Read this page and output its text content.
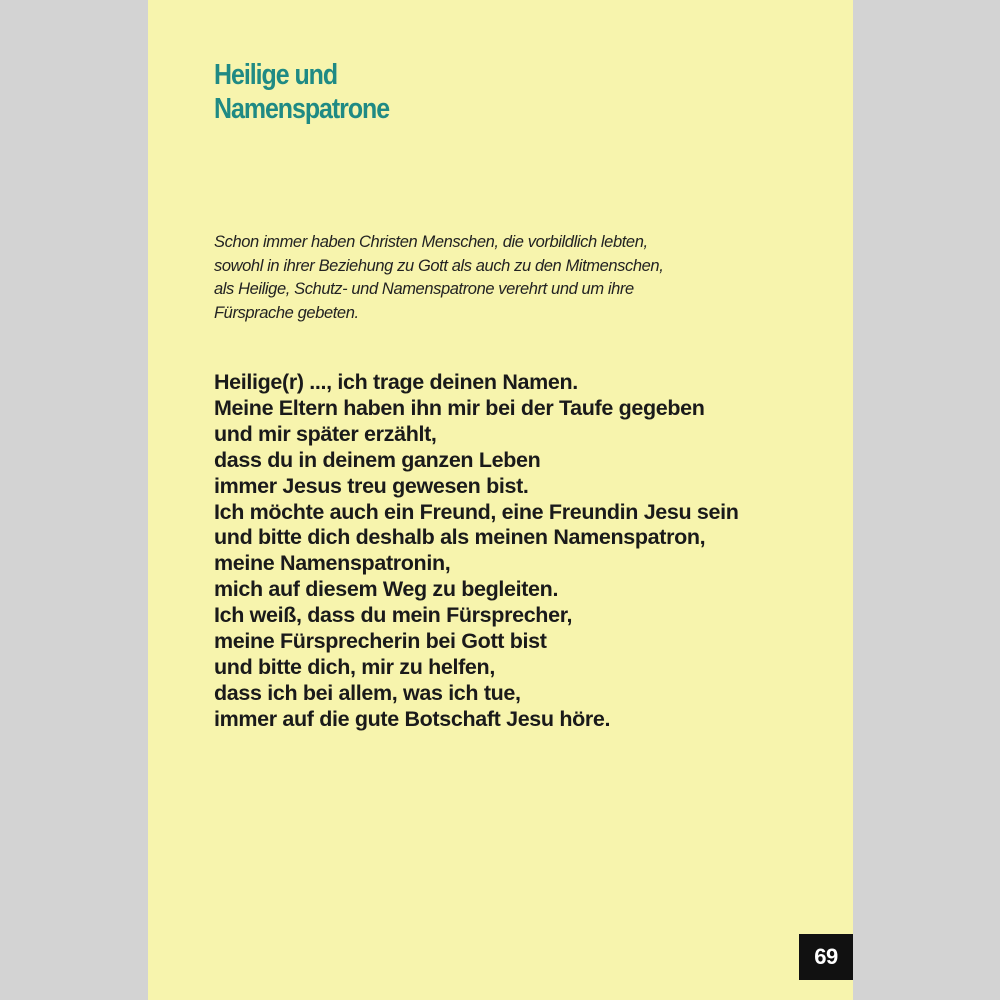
Heilige und
Namenspatrone

Schon immer haben Christen Menschen, die vorbildlich lebten,
sowohl in ihrer Beziehung zu Gott als auch zu den Mitmenschen,
als Heilige, Schutz- und Namenspatrone verehrt und um ihre
Fürsprache gebeten.

Heilige(r) ..., ich trage deinen Namen.
Meine Eltern haben ihn mir bei der Taufe gegeben
und mir später erzählt,
dass du in deinem ganzen Leben
immer Jesus treu gewesen bist.
Ich möchte auch ein Freund, eine Freundin Jesu sein
und bitte dich deshalb als meinen Namenspatron,
meine Namenspatronin,
mich auf diesem Weg zu begleiten.
Ich weiß, dass du mein Fürsprecher,
meine Fürsprecherin bei Gott bist
und bitte dich, mir zu helfen,
dass ich bei allem, was ich tue,
immer auf die gute Botschaft Jesu höre.

69
